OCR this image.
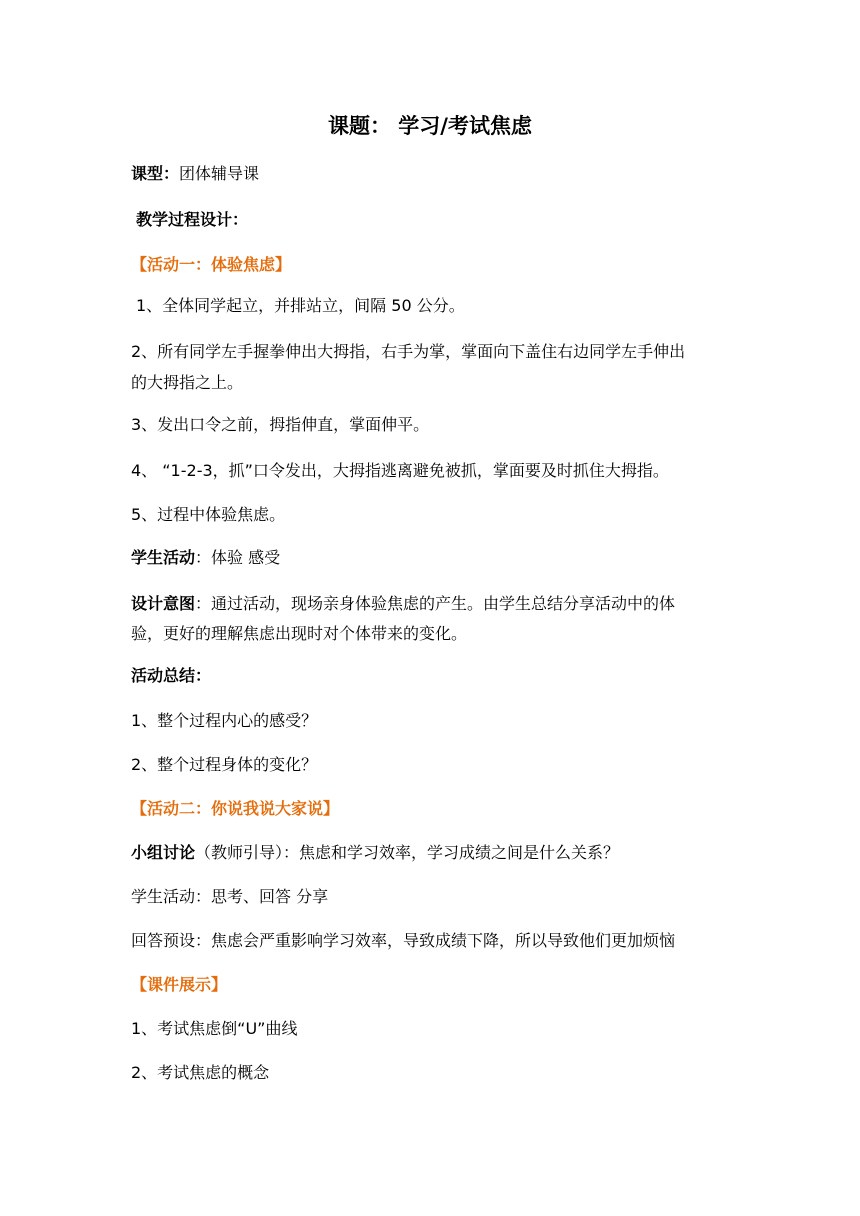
课题： 学习/考试焦虑
课型：团体辅导课
教学过程设计：
【活动一：体验焦虑】
1、全体同学起立，并排站立，间隔 50 公分。
2、所有同学左手握拳伸出大拇指，右手为掌，掌面向下盖住右边同学左手伸出
的大拇指之上。
3、发出口令之前，拇指伸直，掌面伸平。
4、 “1-2-3，抓”口令发出，大拇指逃离避免被抓，掌面要及时抓住大拇指。
5、过程中体验焦虑。
学生活动：体验 感受
设计意图：通过活动，现场亲身体验焦虑的产生。由学生总结分享活动中的体
验，更好的理解焦虑出现时对个体带来的变化。
活动总结：
1、整个过程内心的感受？
2、整个过程身体的变化？
【活动二：你说我说大家说】
小组讨论（教师引导）：焦虑和学习效率，学习成绩之间是什么关系？
学生活动：思考、回答 分享
回答预设：焦虑会严重影响学习效率，导致成绩下降，所以导致他们更加烦恼
【课件展示】
1、考试焦虑倒“U”曲线
2、考试焦虑的概念
